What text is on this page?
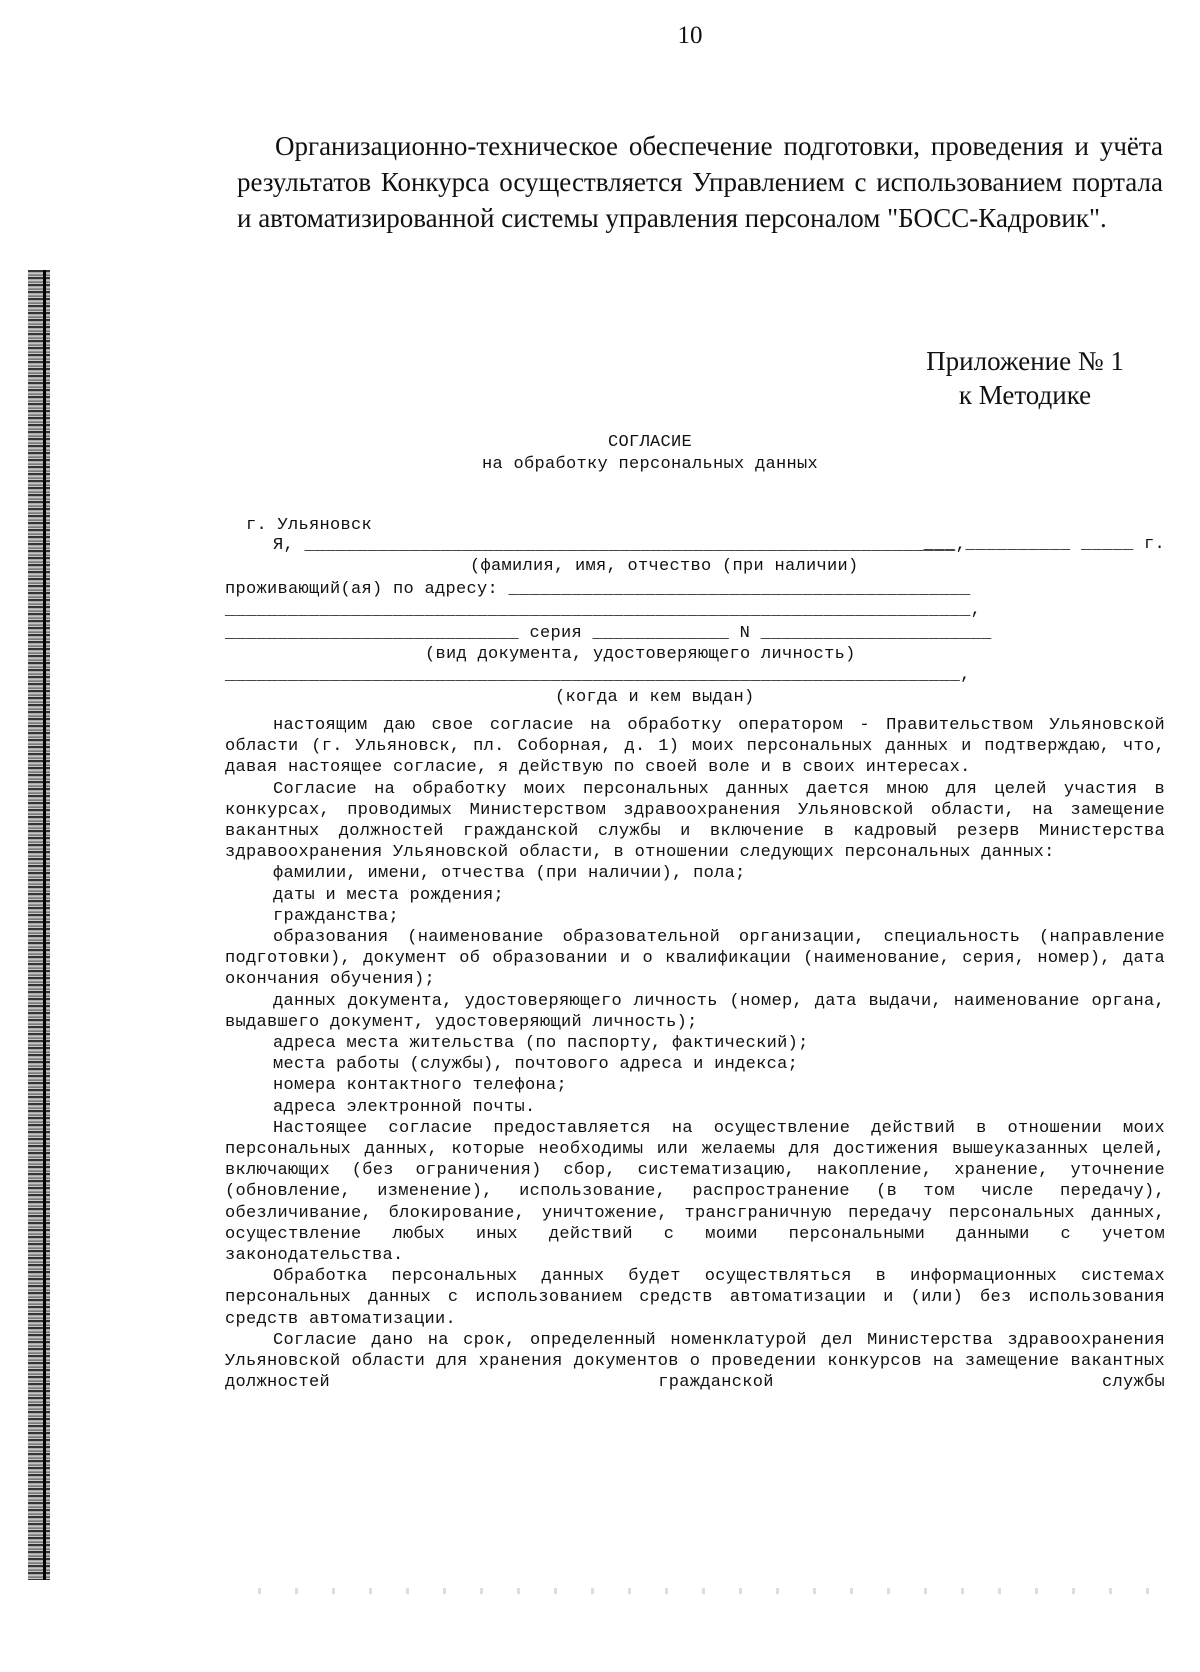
10

Организационно-техническое обеспечение подготовки, проведения и учёта результатов Конкурса осуществляется Управлением с использованием портала и автоматизированной системы управления персоналом "БОСС-Кадровик".

Приложение № 1
к Методике
СОГЛАСИЕ
на обработку персональных данных

г. Ульяновск

___ __________ _____ г.

Я, ______________________________________________________________,
(фамилия, имя, отчество (при наличии)
проживающий(ая) по адресу: ____________________________________________
_______________________________________________________________________,
____________________________ серия _____________ N ______________________
(вид документа, удостоверяющего личность)
______________________________________________________________________,
(когда и кем выдан)

настоящим даю свое согласие на обработку оператором - Правительством Ульяновской области (г. Ульяновск, пл. Соборная, д. 1) моих персональных данных и подтверждаю, что, давая настоящее согласие, я действую по своей воле и в своих интересах.

Согласие на обработку моих персональных данных дается мною для целей участия в конкурсах, проводимых Министерством здравоохранения Ульяновской области, на замещение вакантных должностей гражданской службы и включение в кадровый резерв Министерства здравоохранения Ульяновской области, в отношении следующих персональных данных:

фамилии, имени, отчества (при наличии), пола;

даты и места рождения;

гражданства;

образования (наименование образовательной организации, специальность (направление подготовки), документ об образовании и о квалификации (наименование, серия, номер), дата окончания обучения);

данных документа, удостоверяющего личность (номер, дата выдачи, наименование органа, выдавшего документ, удостоверяющий личность);

адреса места жительства (по паспорту, фактический);

места работы (службы), почтового адреса и индекса;

номера контактного телефона;

адреса электронной почты.

Настоящее согласие предоставляется на осуществление действий в отношении моих персональных данных, которые необходимы или желаемы для достижения вышеуказанных целей, включающих (без ограничения) сбор, систематизацию, накопление, хранение, уточнение (обновление, изменение), использование, распространение (в том числе передачу), обезличивание, блокирование, уничтожение, трансграничную передачу персональных данных, осуществление любых иных действий с моими персональными данными с учетом законодательства.

Обработка персональных данных будет осуществляться в информационных системах персональных данных с использованием средств автоматизации и (или) без использования средств автоматизации.

Согласие дано на срок, определенный номенклатурой дел Министерства здравоохранения Ульяновской области для хранения документов о проведении конкурсов на замещение вакантных должностей гражданской службы
